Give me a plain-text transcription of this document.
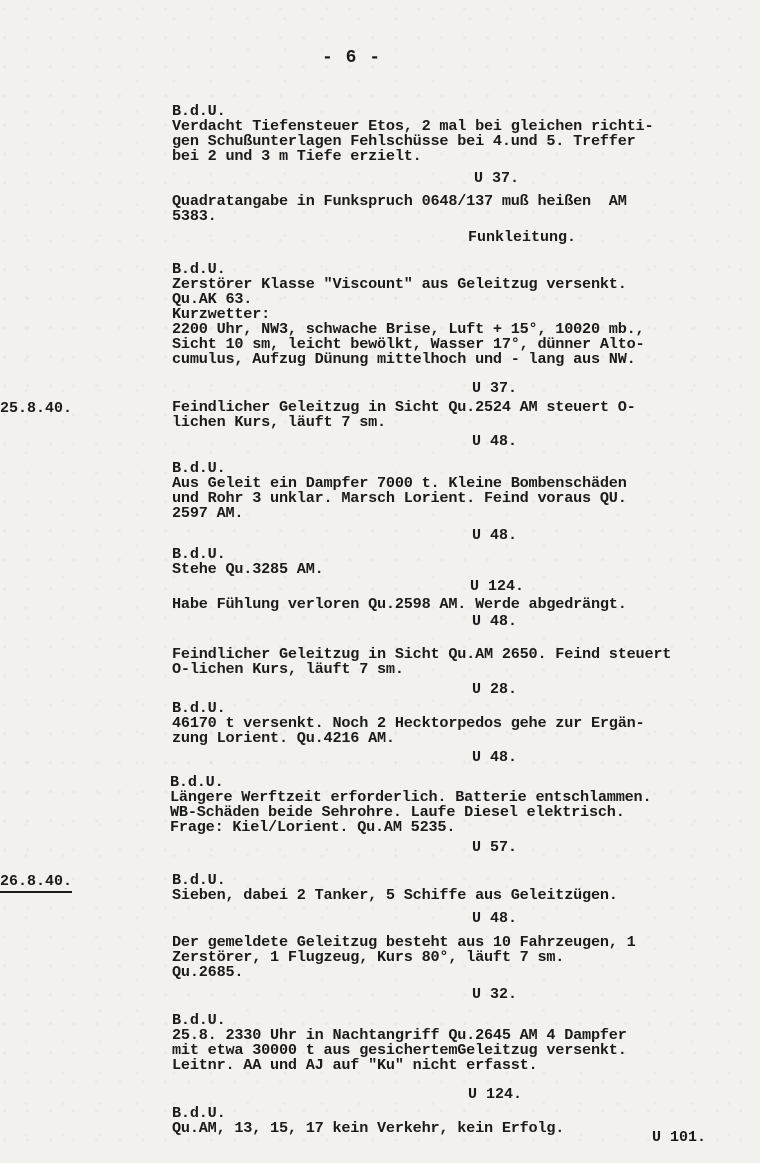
- 6 -
25.8.40.
26.8.40.
B.d.U.
Verdacht Tiefensteuer Etos, 2 mal bei gleichen richti-
gen Schußunterlagen Fehlschüsse bei 4.und 5. Treffer
bei 2 und 3 m Tiefe erzielt.
U 37.
Quadratangabe in Funkspruch 0648/137 muß heißen  AM
5383.
Funkleitung.
B.d.U.
Zerstörer Klasse "Viscount" aus Geleitzug versenkt.
Qu.AK 63.
Kurzwetter:
2200 Uhr, NW3, schwache Brise, Luft + 15°, 10020 mb.,
Sicht 10 sm, leicht bewölkt, Wasser 17°, dünner Alto-
cumulus, Aufzug Dünung mittelhoch und - lang aus NW.
U 37.
Feindlicher Geleitzug in Sicht Qu.2524 AM steuert O-
lichen Kurs, läuft 7 sm.
U 48.
B.d.U.
Aus Geleit ein Dampfer 7000 t. Kleine Bombenschäden
und Rohr 3 unklar. Marsch Lorient. Feind voraus QU.
2597 AM.
U 48.
B.d.U.
Stehe Qu.3285 AM.
U 124.
Habe Fühlung verloren Qu.2598 AM. Werde abgedrängt.
U 48.
Feindlicher Geleitzug in Sicht Qu.AM 2650. Feind steuert
O-lichen Kurs, läuft 7 sm.
U 28.
B.d.U.
46170 t versenkt. Noch 2 Hecktorpedos gehe zur Ergän-
zung Lorient. Qu.4216 AM.
U 48.
B.d.U.
Längere Werftzeit erforderlich. Batterie entschlammen.
WB-Schäden beide Sehrohre. Laufe Diesel elektrisch.
Frage: Kiel/Lorient. Qu.AM 5235.
U 57.
B.d.U.
Sieben, dabei 2 Tanker, 5 Schiffe aus Geleitzügen.
U 48.
Der gemeldete Geleitzug besteht aus 10 Fahrzeugen, 1
Zerstörer, 1 Flugzeug, Kurs 80°, läuft 7 sm.
Qu.2685.
U 32.
B.d.U.
25.8. 2330 Uhr in Nachtangriff Qu.2645 AM 4 Dampfer
mit etwa 30000 t aus gesichertemGeleitzug versenkt.
Leitnr. AA und AJ auf "Ku" nicht erfasst.
U 124.
B.d.U.
Qu.AM, 13, 15, 17 kein Verkehr, kein Erfolg.
U 101.
